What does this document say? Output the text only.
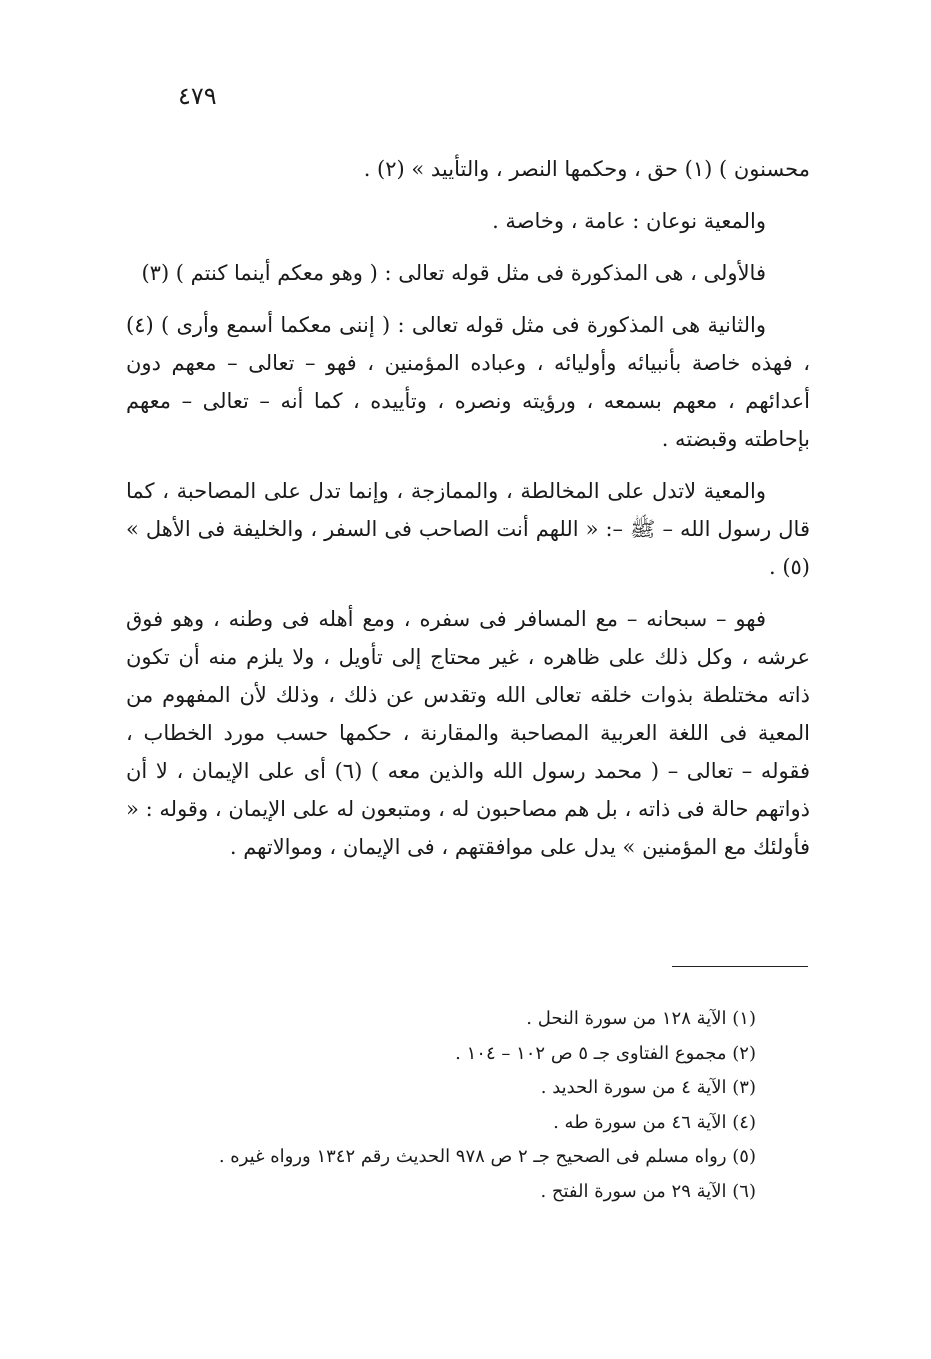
٤٧٩

محسنون ) (١) حق ، وحكمها النصر ، والتأييد » (٢) .

والمعية نوعان : عامة ، وخاصة .

فالأولى ، هى المذكورة فى مثل قوله تعالى : ( وهو معكم أينما كنتم ) (٣)

والثانية هى المذكورة فى مثل قوله تعالى : ( إننى معكما أسمع وأرى ) (٤) ، فهذه خاصة بأنبيائه وأوليائه ، وعباده المؤمنين ، فهو – تعالى – معهم دون أعدائهم ، معهم بسمعه ، ورؤيته ونصره ، وتأييده ، كما أنه – تعالى – معهم بإحاطته وقبضته .

والمعية لاتدل على المخالطة ، والممازجة ، وإنما تدل على المصاحبة ، كما قال رسول الله – ﷺ –: « اللهم أنت الصاحب فى السفر ، والخليفة فى الأهل » (٥) .

فهو – سبحانه – مع المسافر فى سفره ، ومع أهله فى وطنه ، وهو فوق عرشه ، وكل ذلك على ظاهره ، غير محتاج إلى تأويل ، ولا يلزم منه أن تكون ذاته مختلطة بذوات خلقه تعالى الله وتقدس عن ذلك ، وذلك لأن المفهوم من المعية فى اللغة العربية المصاحبة والمقارنة ، حكمها حسب مورد الخطاب ، فقوله – تعالى – ( محمد رسول الله والذين معه ) (٦) أى على الإيمان ، لا أن ذواتهم حالة فى ذاته ، بل هم مصاحبون له ، ومتبعون له على الإيمان ، وقوله : « فأولئك مع المؤمنين » يدل على موافقتهم ، فى الإيمان ، وموالاتهم .

(١) الآية ١٢٨ من سورة النحل .
(٢) مجموع الفتاوى جـ ٥ ص ١٠٢ – ١٠٤ .
(٣) الآية ٤ من سورة الحديد .
(٤) الآية ٤٦ من سورة طه .
(٥) رواه مسلم فى الصحيح جـ ٢ ص ٩٧٨ الحديث رقم ١٣٤٢ ورواه غيره .
(٦) الآية ٢٩ من سورة الفتح .
